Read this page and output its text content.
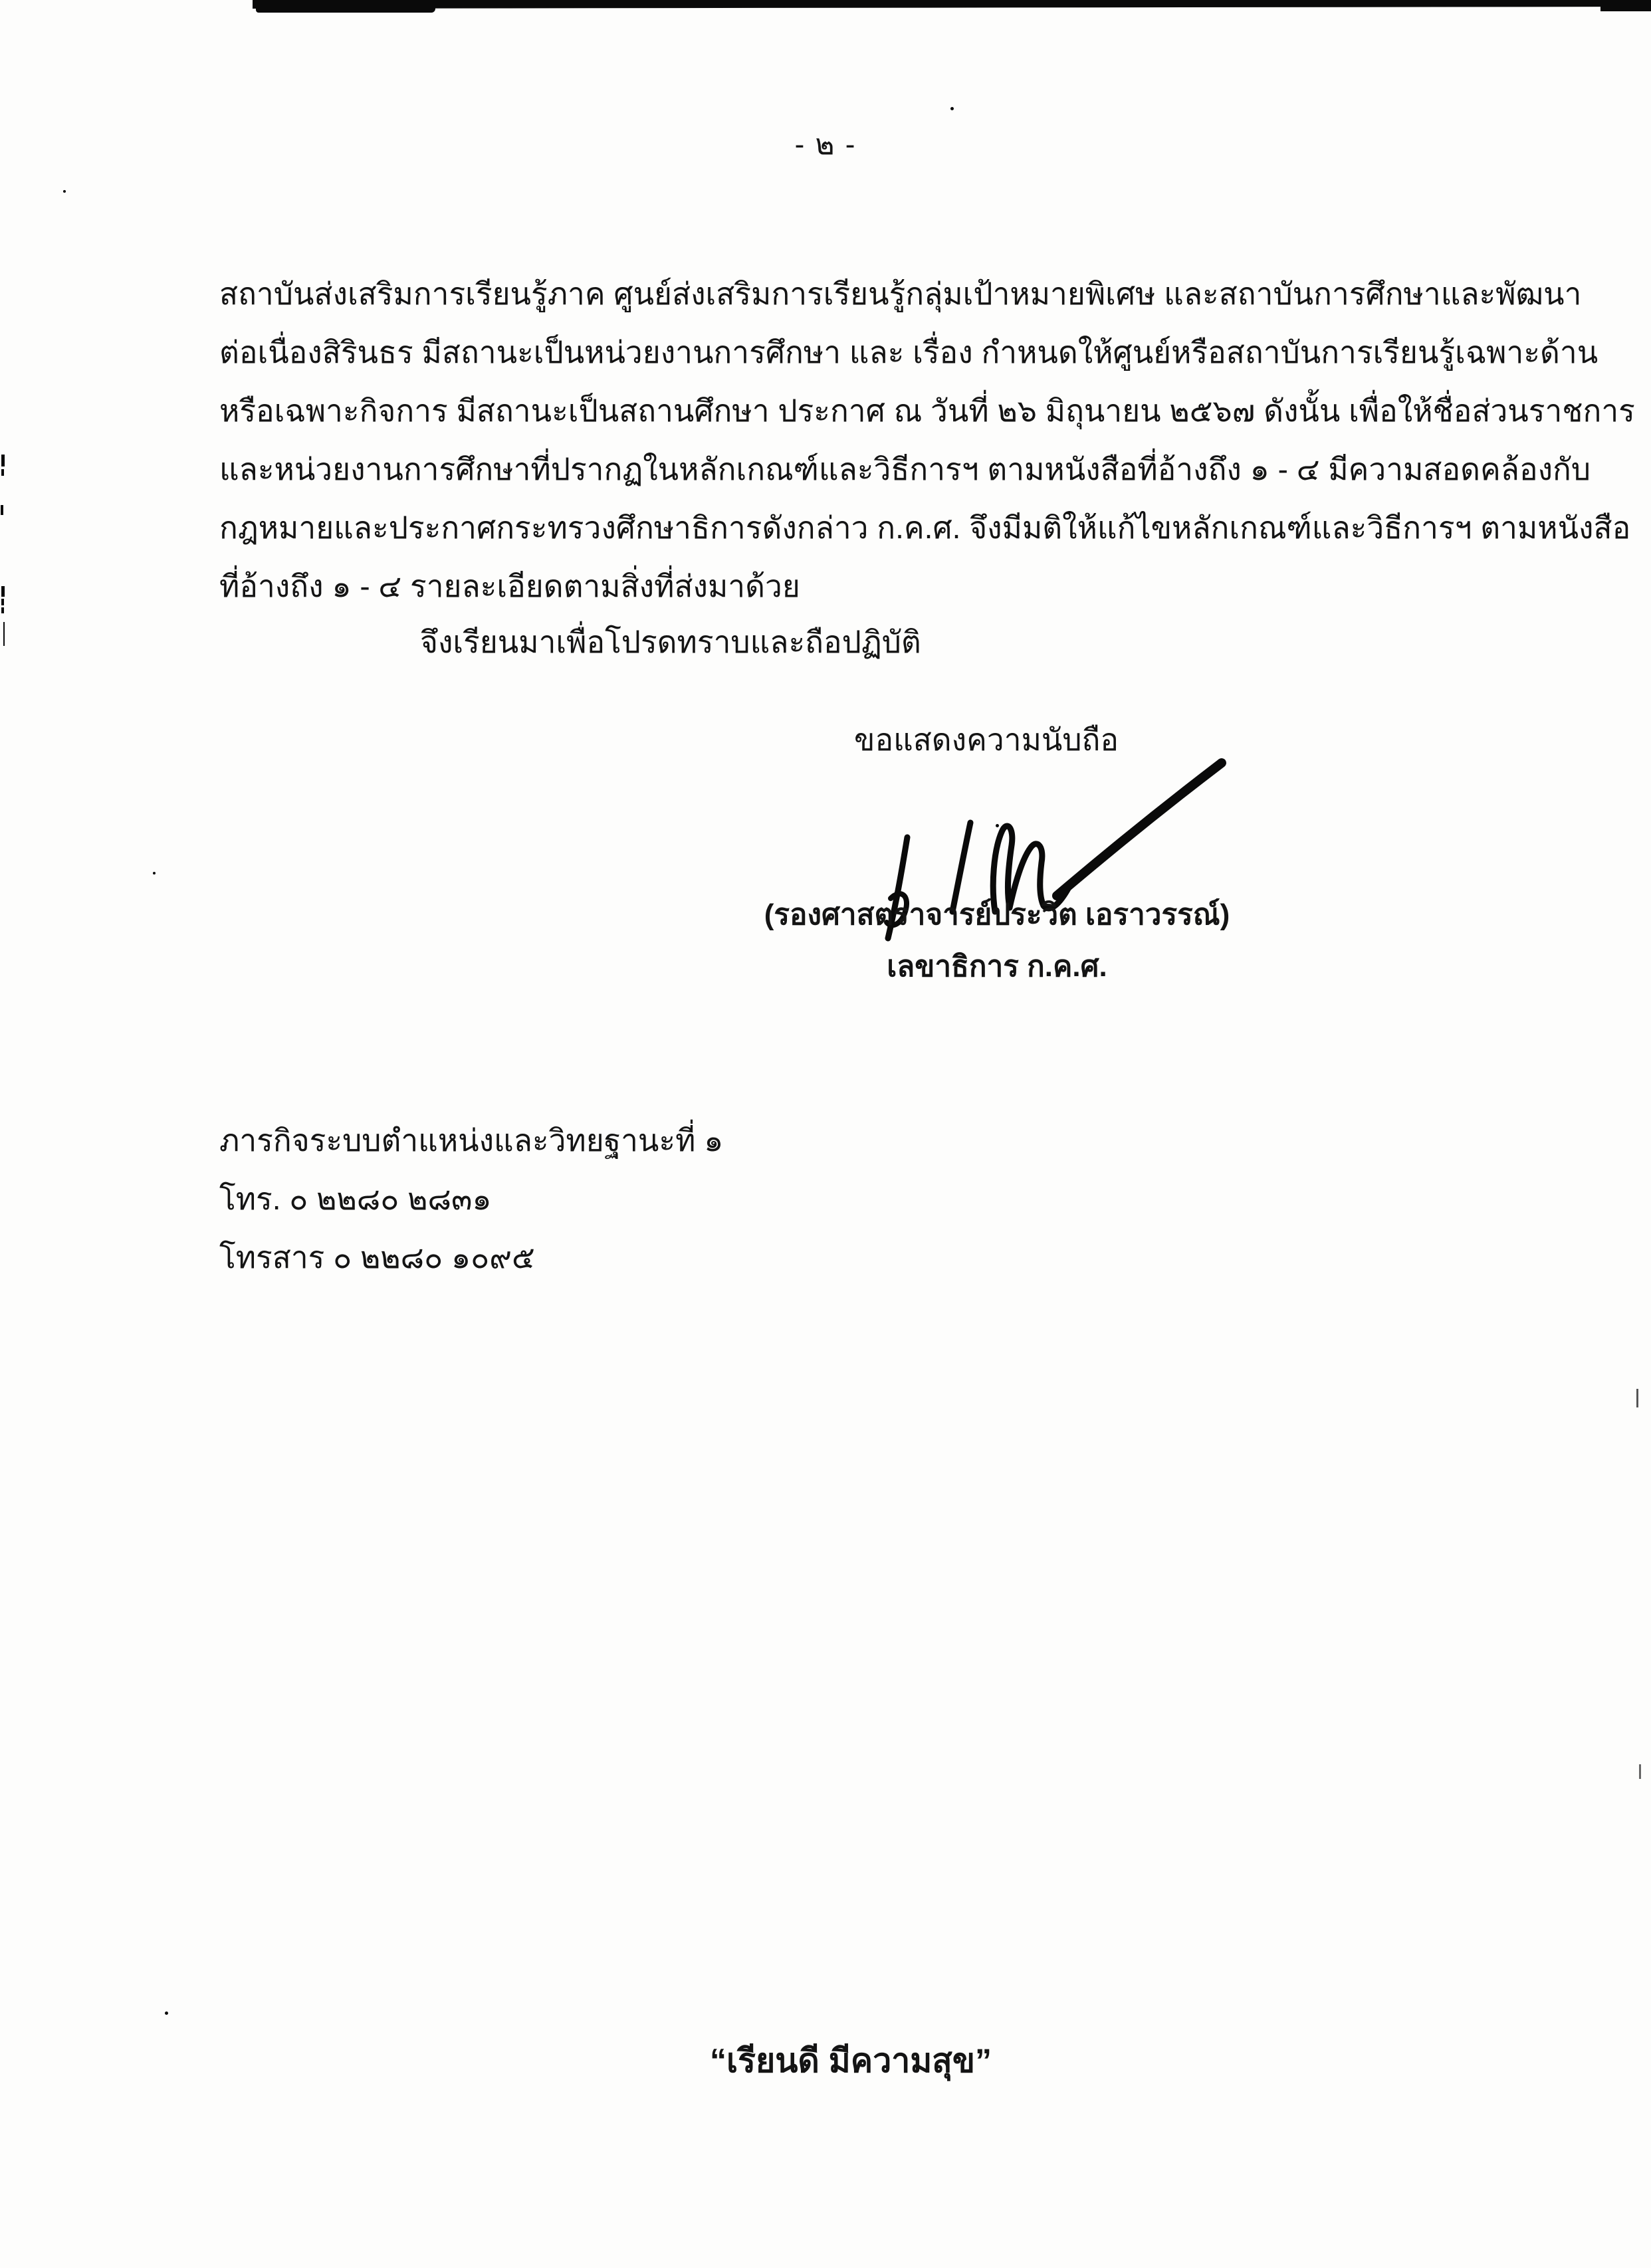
- ๒ -
สถาบันส่งเสริมการเรียนรู้ภาค ศูนย์ส่งเสริมการเรียนรู้กลุ่มเป้าหมายพิเศษ และสถาบันการศึกษาและพัฒนา
ต่อเนื่องสิรินธร มีสถานะเป็นหน่วยงานการศึกษา และ เรื่อง กำหนดให้ศูนย์หรือสถาบันการเรียนรู้เฉพาะด้าน
หรือเฉพาะกิจการ มีสถานะเป็นสถานศึกษา ประกาศ ณ วันที่ ๒๖ มิถุนายน ๒๕๖๗ ดังนั้น เพื่อให้ชื่อส่วนราชการ
และหน่วยงานการศึกษาที่ปรากฏในหลักเกณฑ์และวิธีการฯ ตามหนังสือที่อ้างถึง ๑ - ๔ มีความสอดคล้องกับ
กฎหมายและประกาศกระทรวงศึกษาธิการดังกล่าว ก.ค.ศ. จึงมีมติให้แก้ไขหลักเกณฑ์และวิธีการฯ ตามหนังสือ
ที่อ้างถึง ๑ - ๔ รายละเอียดตามสิ่งที่ส่งมาด้วย
จึงเรียนมาเพื่อโปรดทราบและถือปฏิบัติ
ขอแสดงความนับถือ
(รองศาสตราจารย์ประวิต เอราวรรณ์)
เลขาธิการ ก.ค.ศ.
ภารกิจระบบตำแหน่งและวิทยฐานะที่ ๑
โทร. ๐ ๒๒๘๐ ๒๘๓๑
โทรสาร ๐ ๒๒๘๐ ๑๐๙๕
“เรียนดี มีความสุข”
